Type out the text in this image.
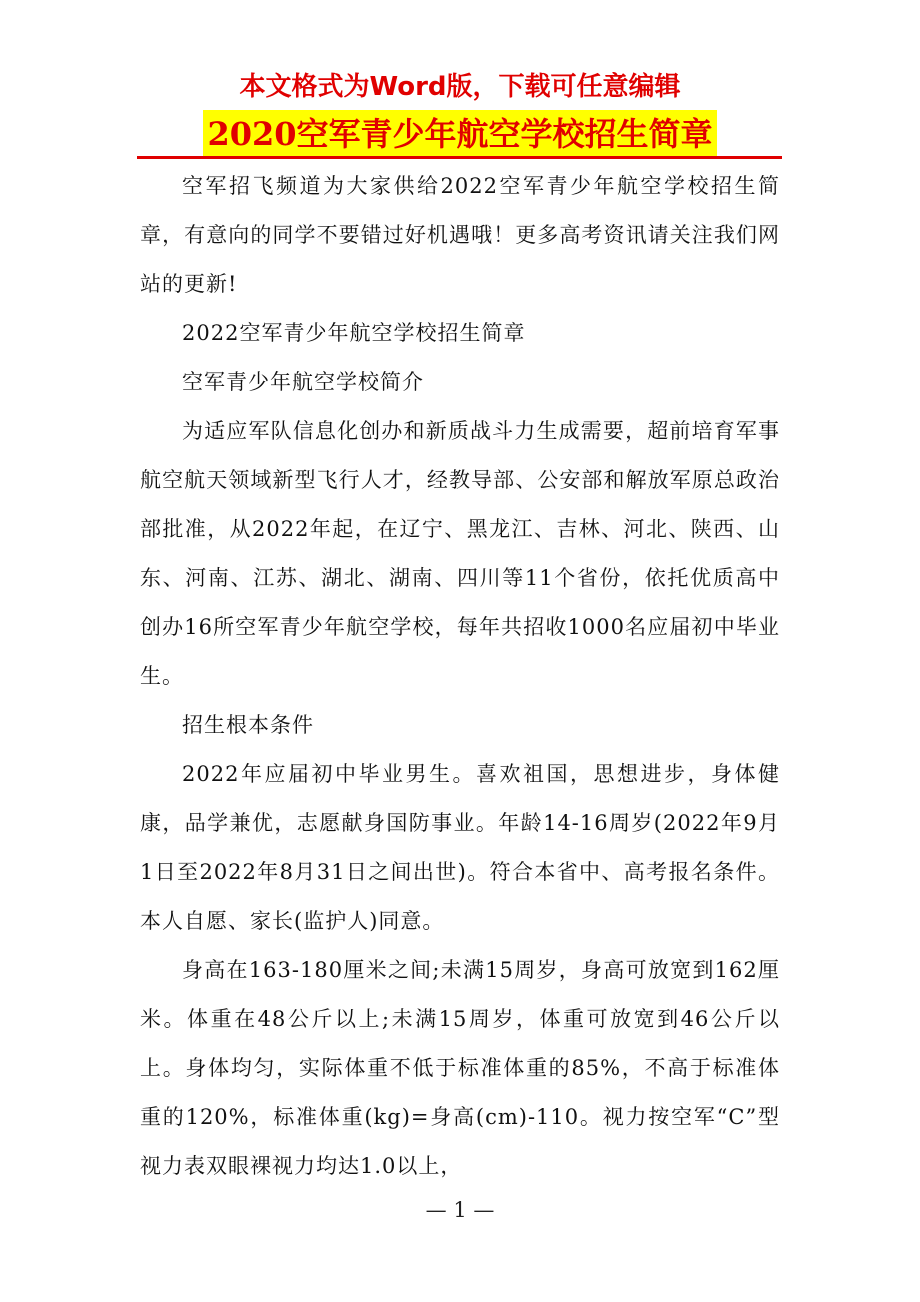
本文格式为Word版，下载可任意编辑
2020空军青少年航空学校招生简章

空军招飞频道为大家供给2022空军青少年航空学校招生简章，有意向的同学不要错过好机遇哦！更多高考资讯请关注我们网站的更新!

2022空军青少年航空学校招生简章

空军青少年航空学校简介

为适应军队信息化创办和新质战斗力生成需要，超前培育军事航空航天领域新型飞行人才，经教导部、公安部和解放军原总政治部批准，从2022年起，在辽宁、黑龙江、吉林、河北、陕西、山东、河南、江苏、湖北、湖南、四川等11个省份，依托优质高中创办16所空军青少年航空学校，每年共招收1000名应届初中毕业生。

招生根本条件

2022年应届初中毕业男生。喜欢祖国，思想进步，身体健康，品学兼优，志愿献身国防事业。年龄14-16周岁(2022年9月1日至2022年8月31日之间出世)。符合本省中、高考报名条件。本人自愿、家长(监护人)同意。

身高在163-180厘米之间;未满15周岁，身高可放宽到162厘米。体重在48公斤以上;未满15周岁，体重可放宽到46公斤以上。身体均匀，实际体重不低于标准体重的85%，不高于标准体重的120%，标准体重(kg)=身高(cm)-110。视力按空军“C”型视力表双眼裸视力均达1.0以上，

— 1 —
